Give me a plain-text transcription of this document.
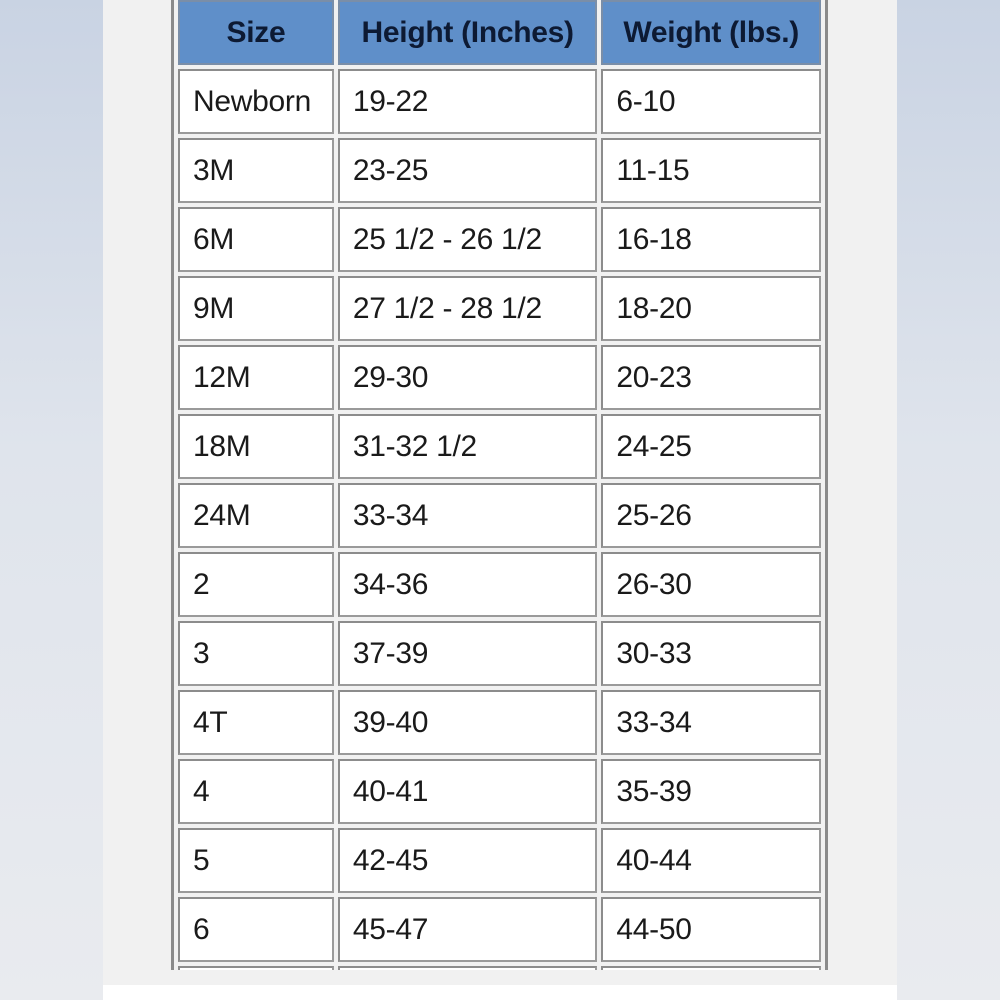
Size	Height (Inches)	Weight (lbs.)
Newborn	19-22	6-10
3M	23-25	11-15
6M	25 1/2 - 26 1/2	16-18
9M	27 1/2 - 28 1/2	18-20
12M	29-30	20-23
18M	31-32 1/2	24-25
24M	33-34	25-26
2	34-36	26-30
3	37-39	30-33
4T	39-40	33-34
4	40-41	35-39
5	42-45	40-44
6	45-47	44-50
